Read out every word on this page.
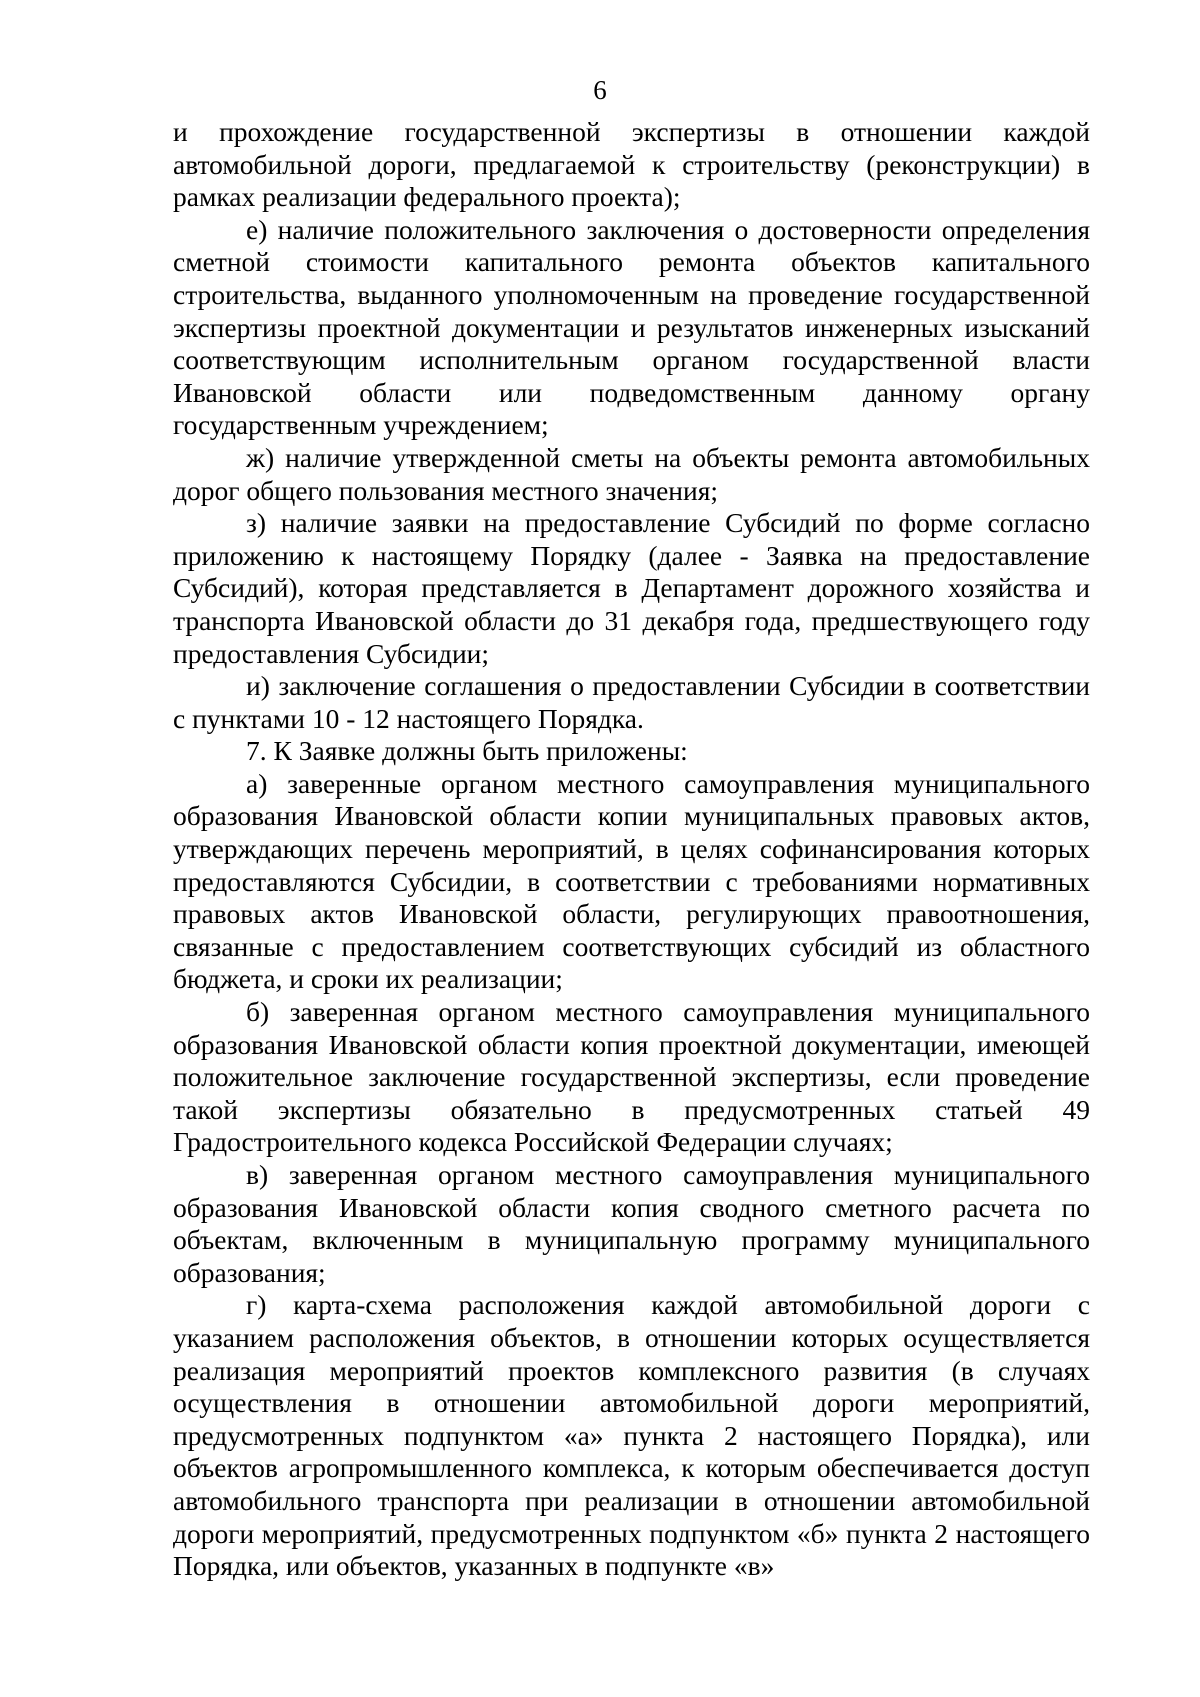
6

и прохождение государственной экспертизы в отношении каждой автомобильной дороги, предлагаемой к строительству (реконструкции) в рамках реализации федерального проекта);

е) наличие положительного заключения о достоверности определения сметной стоимости капитального ремонта объектов капитального строительства, выданного уполномоченным на проведение государственной экспертизы проектной документации и результатов инженерных изысканий соответствующим исполнительным органом государственной власти Ивановской области или подведомственным данному органу государственным учреждением;

ж) наличие утвержденной сметы на объекты ремонта автомобильных дорог общего пользования местного значения;

з) наличие заявки на предоставление Субсидий по форме согласно приложению к настоящему Порядку (далее - Заявка на предоставление Субсидий), которая представляется в Департамент дорожного хозяйства и транспорта Ивановской области до 31 декабря года, предшествующего году предоставления Субсидии;

и) заключение соглашения о предоставлении Субсидии в соответствии с пунктами 10 - 12 настоящего Порядка.

7. К Заявке должны быть приложены:

а) заверенные органом местного самоуправления муниципального образования Ивановской области копии муниципальных правовых актов, утверждающих перечень мероприятий, в целях софинансирования которых предоставляются Субсидии, в соответствии с требованиями нормативных правовых актов Ивановской области, регулирующих правоотношения, связанные с предоставлением соответствующих субсидий из областного бюджета, и сроки их реализации;

б) заверенная органом местного самоуправления муниципального образования Ивановской области копия проектной документации, имеющей положительное заключение государственной экспертизы, если проведение такой экспертизы обязательно в предусмотренных статьей 49 Градостроительного кодекса Российской Федерации случаях;

в) заверенная органом местного самоуправления муниципального образования Ивановской области копия сводного сметного расчета по объектам, включенным в муниципальную программу муниципального образования;

г) карта-схема расположения каждой автомобильной дороги с указанием расположения объектов, в отношении которых осуществляется реализация мероприятий проектов комплексного развития (в случаях осуществления в отношении автомобильной дороги мероприятий, предусмотренных подпунктом «а» пункта 2 настоящего Порядка), или объектов агропромышленного комплекса, к которым обеспечивается доступ автомобильного транспорта при реализации в отношении автомобильной дороги мероприятий, предусмотренных подпунктом «б» пункта 2 настоящего Порядка, или объектов, указанных в подпункте «в»
